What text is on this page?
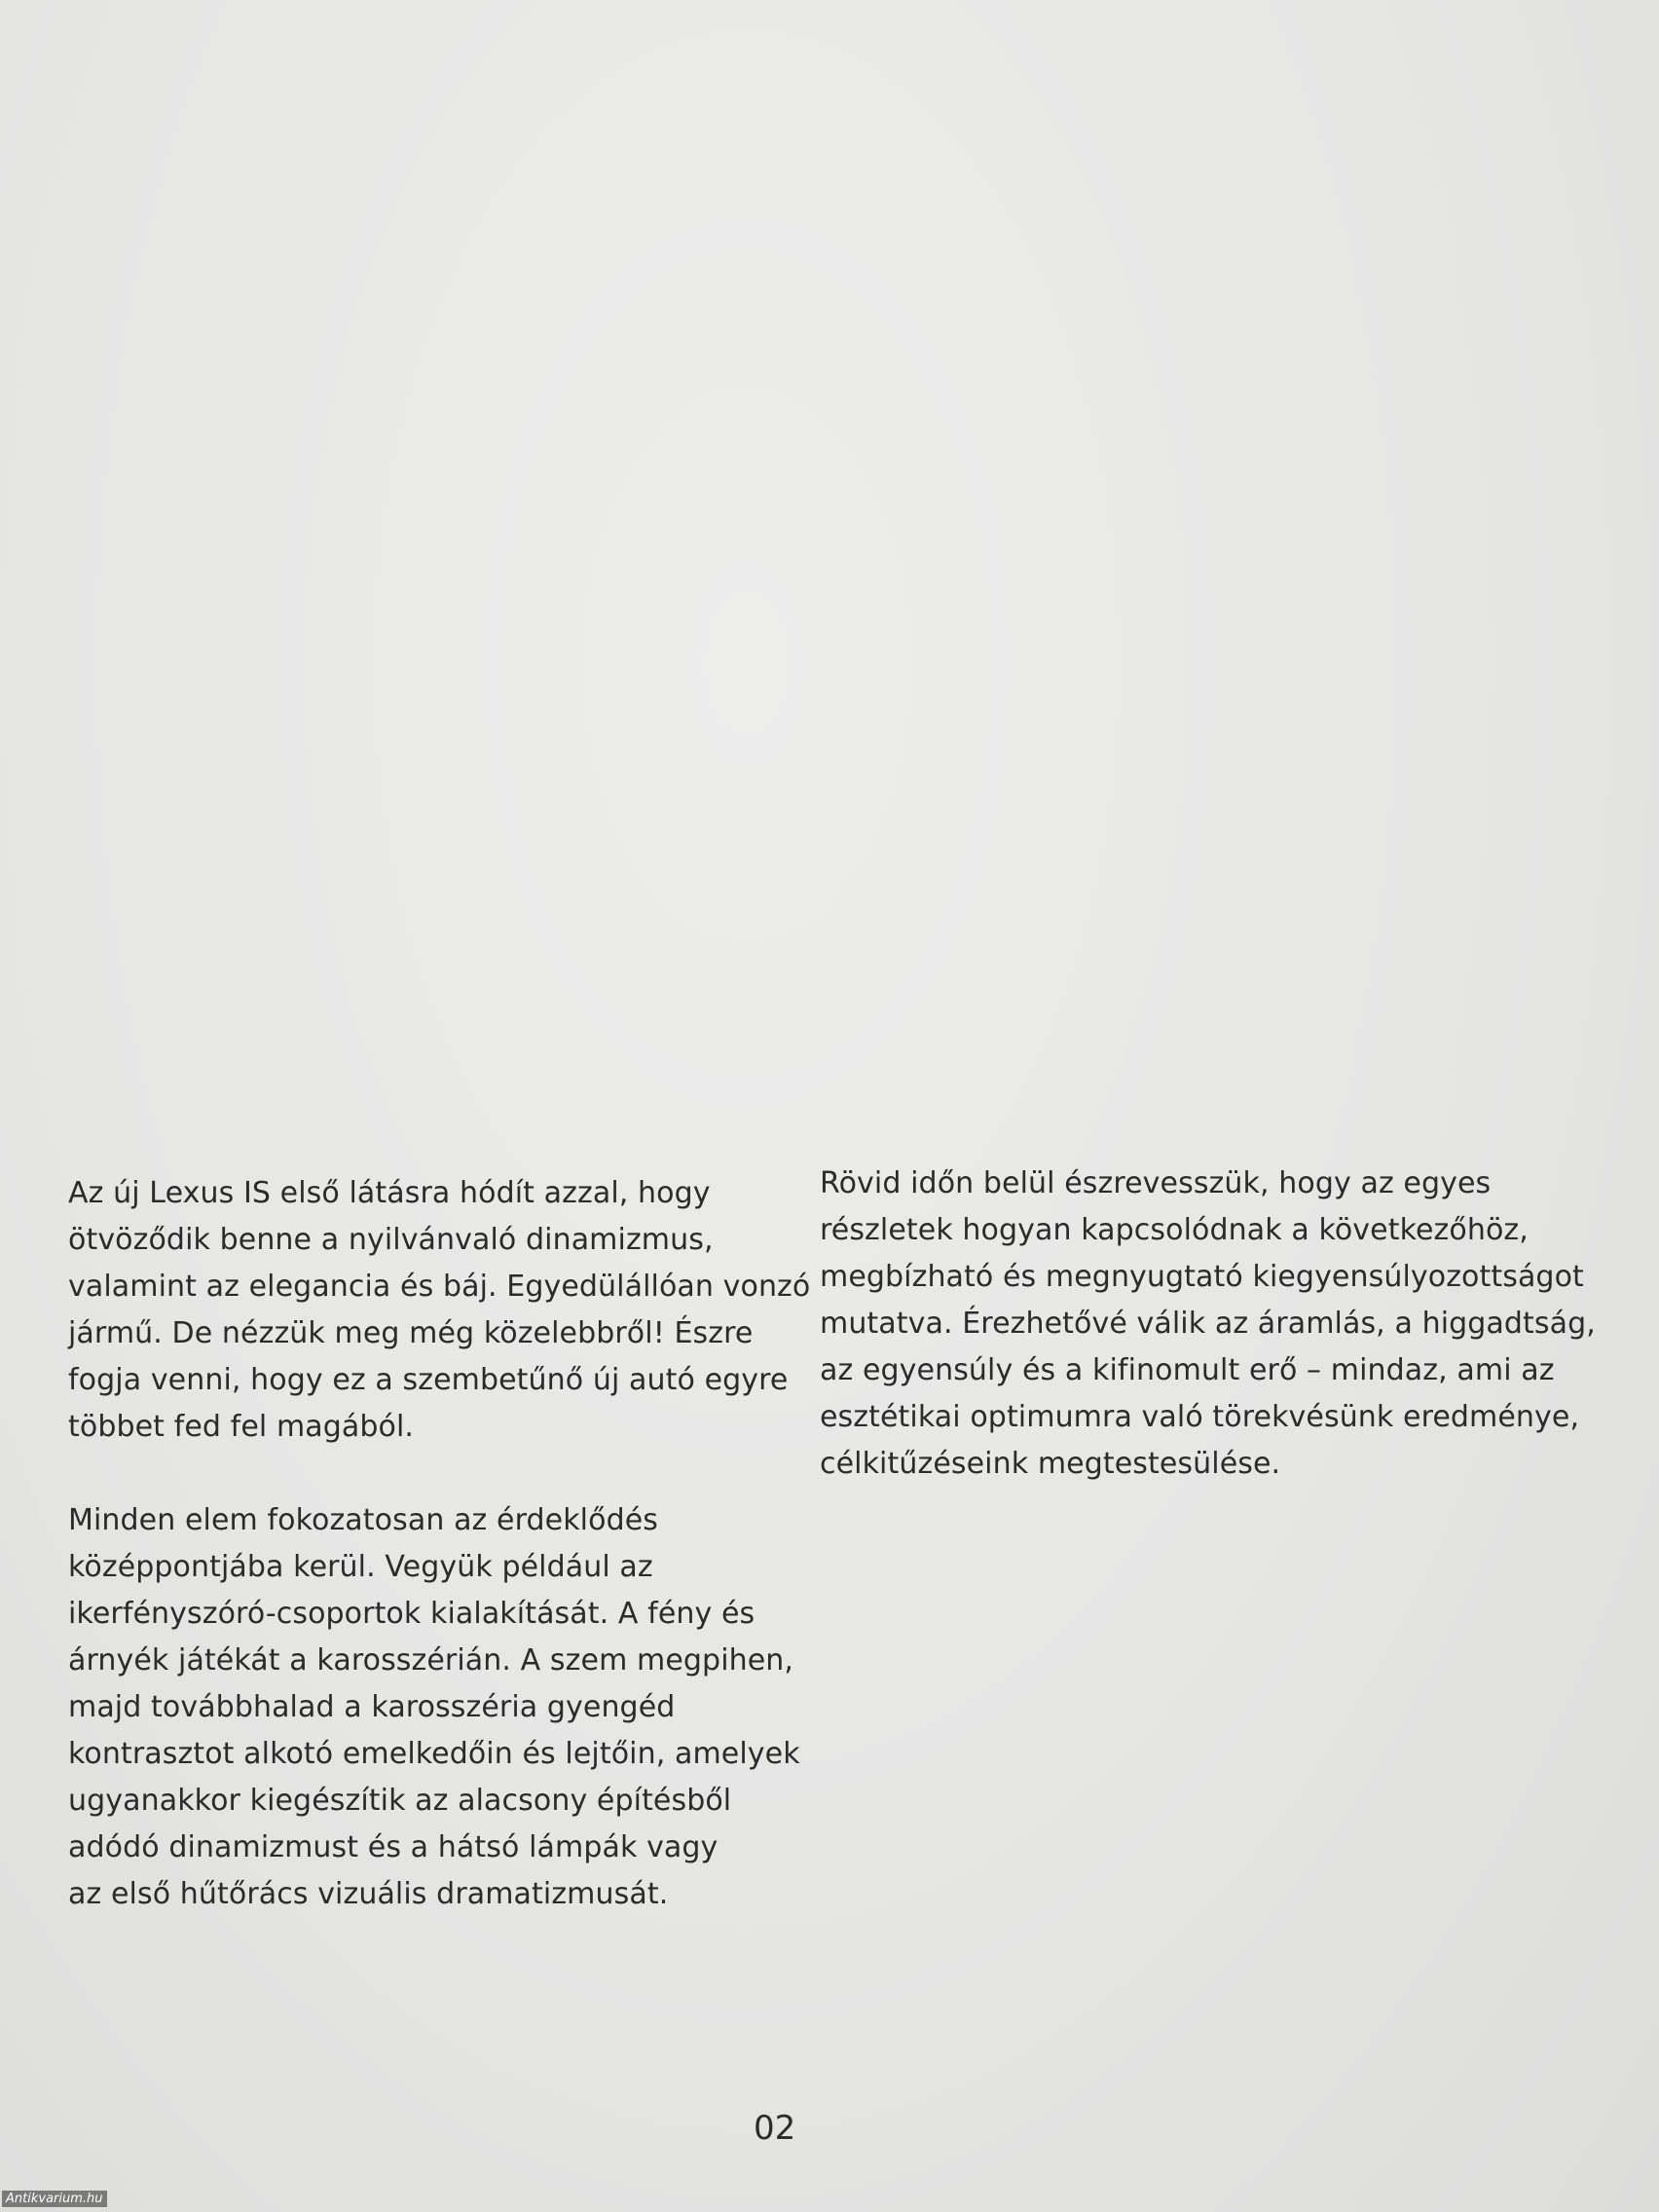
Az új Lexus IS első látásra hódít azzal, hogy
ötvöződik benne a nyilvánvaló dinamizmus,
valamint az elegancia és báj. Egyedülállóan vonzó
jármű. De nézzük meg még közelebbről! Észre
fogja venni, hogy ez a szembetűnő új autó egyre
többet fed fel magából.
Minden elem fokozatosan az érdeklődés
középpontjába kerül. Vegyük például az
ikerfényszóró-csoportok kialakítását. A fény és
árnyék játékát a karosszérián. A szem megpihen,
majd továbbhalad a karosszéria gyengéd
kontrasztot alkotó emelkedőin és lejtőin, amelyek
ugyanakkor kiegészítik az alacsony építésből
adódó dinamizmust és a hátsó lámpák vagy
az első hűtőrács vizuális dramatizmusát.
Rövid időn belül észrevesszük, hogy az egyes
részletek hogyan kapcsolódnak a következőhöz,
megbízható és megnyugtató kiegyensúlyozottságot
mutatva. Érezhetővé válik az áramlás, a higgadtság,
az egyensúly és a kifinomult erő – mindaz, ami az
esztétikai optimumra való törekvésünk eredménye,
célkitűzéseink megtestesülése.
02
Antikvarium.hu
